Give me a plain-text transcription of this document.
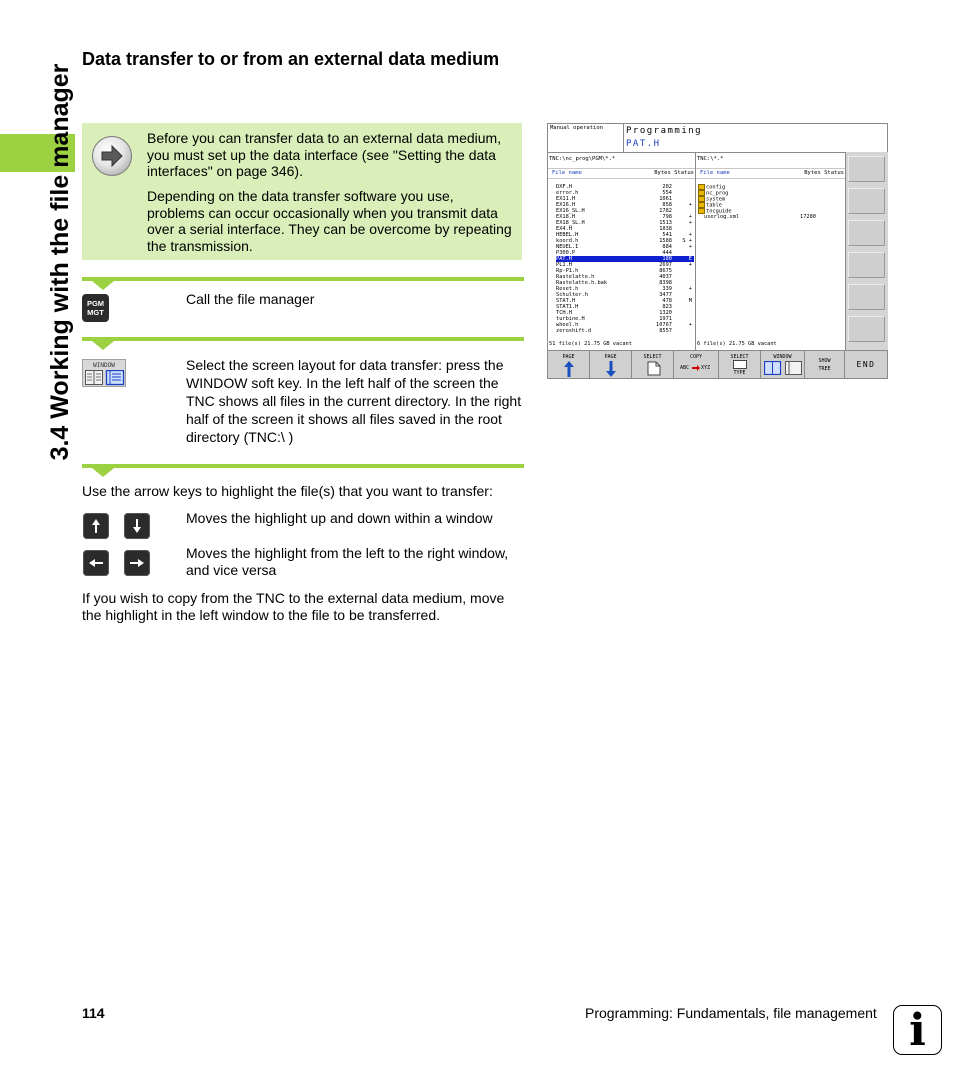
3.4 Working with the file manager
Data transfer to or from an external data medium

Before you can transfer data to an external data medium, you must set up the data interface (see "Setting the data interfaces" on page 346).

Depending on the data transfer software you use, problems can occur occasionally when you transmit data over a serial interface. They can be overcome by repeating the transmission.

PGM
MGT

Call the file manager

WINDOW	Select the screen layout for data transfer: press the WINDOW soft key. In the left half of the screen the TNC shows all files in the current directory. In the right half of the screen it shows all files saved in the root directory (TNC:\ )

Use the arrow keys to highlight the file(s) that you want to transfer:

Moves the highlight up and down within a window

Moves the highlight from the left to the right window, and vice versa

If you wish to copy from the TNC to the external data medium, move the highlight in the left window to the file to be transferred.

Manual operation	Programming
PAT.H
TNC:\nc_prog\PGM\*.*
File name	Bytes Status
DXF.H	202
error.h	554
EX11.H	1061
EX16.H	858	+
EX16_SL.H	1782
EX18.H	798	+
EX18_SL.H	1513	+
EX4.H	1838
HEBEL.H	541	+
koord.h	1588 S +
NEUEL.I	884	+
P300.P	444
PAT.H	180	E
PL1.H	2697	+
Rp-P1.h	8675
Rastelatte.h	4037
Rastelatte.h.bak	8398
Reset.h	339	+
Schulter.h	3477
STAT.H	478	M
STAT1.H	823
TCH.H	1320
turbine.H	1971
wheel.h	10767	+
zeroshift.d	8557
51 file(s) 21.75 GB vacant
TNC:\*.*
File name	Bytes Status
config
nc_prog
system
table
tncguide
userlog.xml	17280
6 file(s) 21.75 GB vacant
PAGE	PAGE	SELECT	COPY
ABC XYZ
SELECT
TYPE
WINDOW
SHOW
TREE	END
114	Programming: Fundamentals, file management i
